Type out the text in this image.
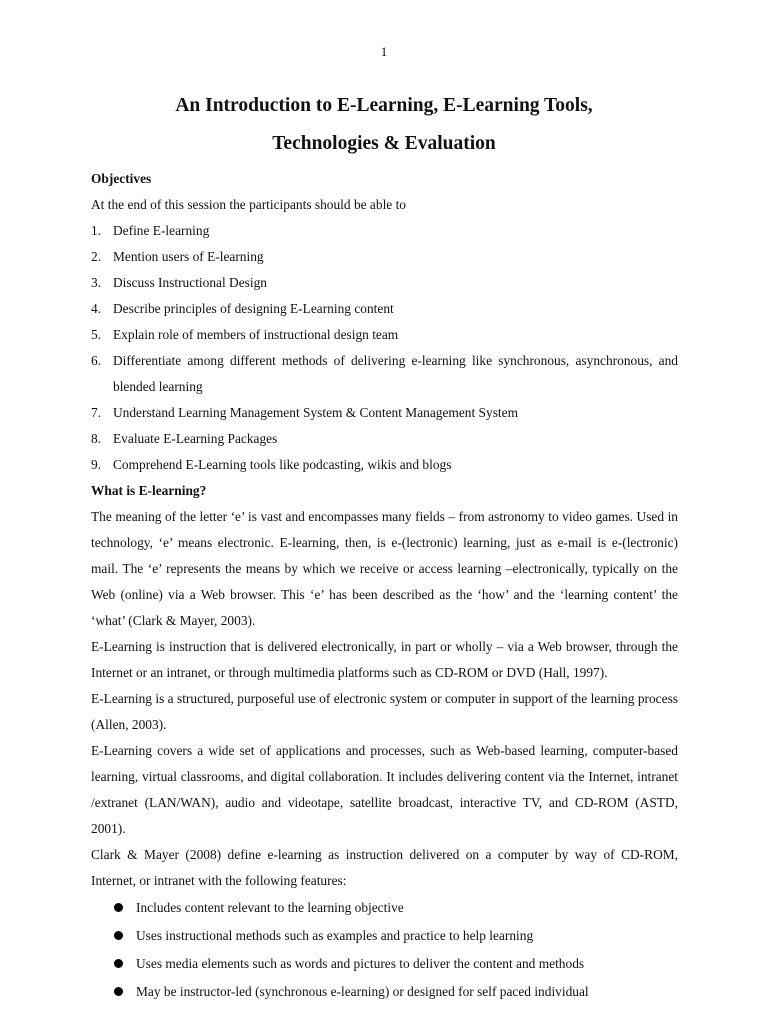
1
An Introduction to E-Learning, E-Learning Tools,
Technologies & Evaluation

Objectives

At the end of this session the participants should be able to

1. Define E-learning
2. Mention users of E-learning
3. Discuss Instructional Design
4. Describe principles of designing E-Learning content
5. Explain role of members of instructional design team
6. Differentiate among different methods of delivering e-learning like synchronous, asynchronous, and blended learning
7. Understand Learning Management System & Content Management System
8. Evaluate E-Learning Packages
9. Comprehend E-Learning tools like podcasting, wikis and blogs

What is E-learning?

The meaning of the letter ‘e’ is vast and encompasses many fields – from astronomy to video games. Used in technology, ‘e’ means electronic. E-learning, then, is e-(lectronic) learning, just as e-mail is e-(lectronic) mail. The ‘e’ represents the means by which we receive or access learning –electronically, typically on the Web (online) via a Web browser. This ‘e’ has been described as the ‘how’ and the ‘learning content’ the ‘what’ (Clark & Mayer, 2003).

E-Learning is instruction that is delivered electronically, in part or wholly – via a Web browser, through the Internet or an intranet, or through multimedia platforms such as CD-ROM or DVD (Hall, 1997).

E-Learning is a structured, purposeful use of electronic system or computer in support of the learning process (Allen, 2003).

E-Learning covers a wide set of applications and processes, such as Web-based learning, computer-based learning, virtual classrooms, and digital collaboration. It includes delivering content via the Internet, intranet /extranet (LAN/WAN), audio and videotape, satellite broadcast, interactive TV, and CD-ROM (ASTD, 2001).

Clark & Mayer (2008) define e-learning as instruction delivered on a computer by way of CD-ROM, Internet, or intranet with the following features:

Includes content relevant to the learning objective
Uses instructional methods such as examples and practice to help learning
Uses media elements such as words and pictures to deliver the content and methods
May be instructor-led (synchronous e-learning) or designed for self paced individual
